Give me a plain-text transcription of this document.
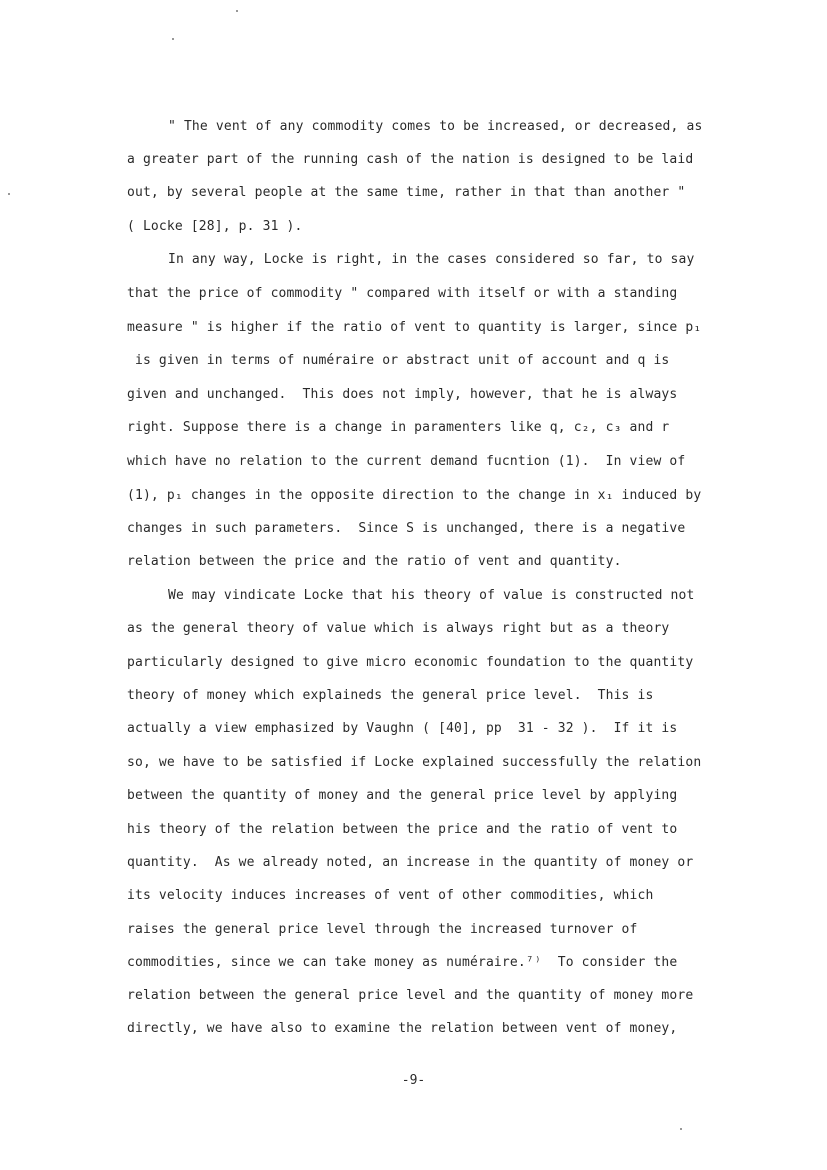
" The vent of any commodity comes to be increased, or decreased, as
a greater part of the running cash of the nation is designed to be laid
out, by several people at the same time, rather in that than another "
( Locke [28], p. 31 ).
In any way, Locke is right, in the cases considered so far, to say
that the price of commodity " compared with itself or with a standing
measure " is higher if the ratio of vent to quantity is larger, since p₁
is given in terms of numéraire or abstract unit of account and q is
given and unchanged.  This does not imply, however, that he is always
right. Suppose there is a change in paramenters like q, c₂, c₃ and r
which have no relation to the current demand fucntion (1).  In view of
(1), p₁ changes in the opposite direction to the change in x₁ induced by
changes in such parameters.  Since S is unchanged, there is a negative
relation between the price and the ratio of vent and quantity.
We may vindicate Locke that his theory of value is constructed not
as the general theory of value which is always right but as a theory
particularly designed to give micro economic foundation to the quantity
theory of money which explaineds the general price level.  This is
actually a view emphasized by Vaughn ( [40], pp  31 - 32 ).  If it is
so, we have to be satisfied if Locke explained successfully the relation
between the quantity of money and the general price level by applying
his theory of the relation between the price and the ratio of vent to
quantity.  As we already noted, an increase in the quantity of money or
its velocity induces increases of vent of other commodities, which
raises the general price level through the increased turnover of
commodities, since we can take money as numéraire.⁷⁾  To consider the
relation between the general price level and the quantity of money more
directly, we have also to examine the relation between vent of money,
-9-
